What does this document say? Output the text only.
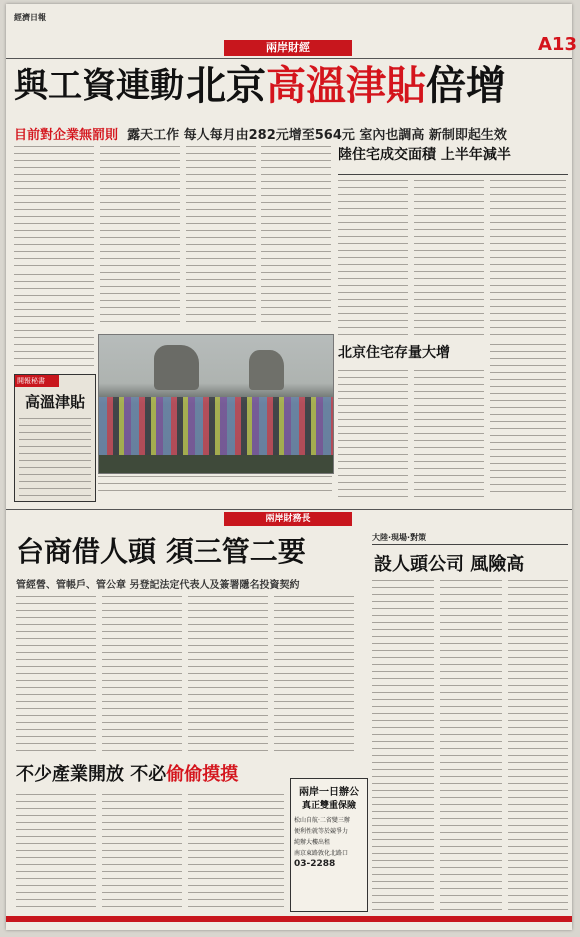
經濟日報
兩岸財經	A13
與工資連動 北京高溫津貼倍增
目前對企業無罰則 露天工作 每人每月由282元增至564元 室內也調高 新制即起生效
開報秘書
高溫津貼
陸住宅成交面積 上半年減半
北京住宅存量大增
兩岸財務長
台商借人頭 須三管二要
管經營、管帳戶、管公章 另登記法定代表人及簽署隱名投資契約
大陸·現場·對策
設人頭公司 風險高
不少產業開放 不必偷偷摸摸
兩岸一日辦公
真正雙重保險
松山自航·二省變三辦
便利性就等於競爭力
純辦大樓出租
南京東路敦化北路口
03-2288
